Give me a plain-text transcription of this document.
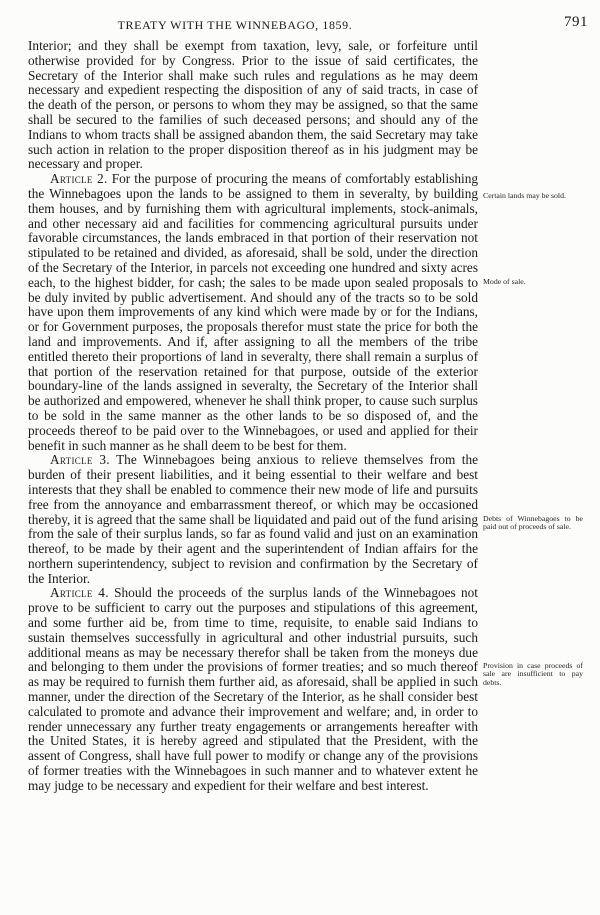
TREATY WITH THE WINNEBAGO, 1859.	791

Interior; and they shall be exempt from taxation, levy, sale, or forfeiture until otherwise provided for by Congress. Prior to the issue of said certificates, the Secretary of the Interior shall make such rules and regulations as he may deem necessary and expedient respecting the disposition of any of said tracts, in case of the death of the person, or persons to whom they may be assigned, so that the same shall be secured to the families of such deceased persons; and should any of the Indians to whom tracts shall be assigned abandon them, the said Secretary may take such action in relation to the proper disposition thereof as in his judgment may be necessary and proper.

Article 2. For the purpose of procuring the means of comfortably establishing the Winnebagoes upon the lands to be assigned to them in severalty, by building them houses, and by furnishing them with agricultural implements, stock-animals, and other necessary aid and facilities for commencing agricultural pursuits under favorable circumstances, the lands embraced in that portion of their reservation not stipulated to be retained and divided, as aforesaid, shall be sold, under the direction of the Secretary of the Interior, in parcels not exceeding one hundred and sixty acres each, to the highest bidder, for cash; the sales to be made upon sealed proposals to be duly invited by public advertisement. And should any of the tracts so to be sold have upon them improvements of any kind which were made by or for the Indians, or for Government purposes, the proposals therefor must state the price for both the land and improvements. And if, after assigning to all the members of the tribe entitled thereto their proportions of land in severalty, there shall remain a surplus of that portion of the reservation retained for that purpose, outside of the exterior boundary-line of the lands assigned in severalty, the Secretary of the Interior shall be authorized and empowered, whenever he shall think proper, to cause such surplus to be sold in the same manner as the other lands to be so disposed of, and the proceeds thereof to be paid over to the Winnebagoes, or used and applied for their benefit in such manner as he shall deem to be best for them.

Article 3. The Winnebagoes being anxious to relieve themselves from the burden of their present liabilities, and it being essential to their welfare and best interests that they shall be enabled to commence their new mode of life and pursuits free from the annoyance and embarrassment thereof, or which may be occasioned thereby, it is agreed that the same shall be liquidated and paid out of the fund arising from the sale of their surplus lands, so far as found valid and just on an examination thereof, to be made by their agent and the superintendent of Indian affairs for the northern superintendency, subject to revision and confirmation by the Secretary of the Interior.

Article 4. Should the proceeds of the surplus lands of the Winnebagoes not prove to be sufficient to carry out the purposes and stipulations of this agreement, and some further aid be, from time to time, requisite, to enable said Indians to sustain themselves successfully in agricultural and other industrial pursuits, such additional means as may be necessary therefor shall be taken from the moneys due and belonging to them under the provisions of former treaties; and so much thereof as may be required to furnish them further aid, as aforesaid, shall be applied in such manner, under the direction of the Secretary of the Interior, as he shall consider best calculated to promote and advance their improvement and welfare; and, in order to render unnecessary any further treaty engagements or arrangements hereafter with the United States, it is hereby agreed and stipulated that the President, with the assent of Congress, shall have full power to modify or change any of the provisions of former treaties with the Winnebagoes in such manner and to whatever extent he may judge to be necessary and expedient for their welfare and best interest.

Certain lands may be sold.
Mode of sale.
Debts of Winnebagoes to be paid out of proceeds of sale.
Provision in case proceeds of sale are insufficient to pay debts.
